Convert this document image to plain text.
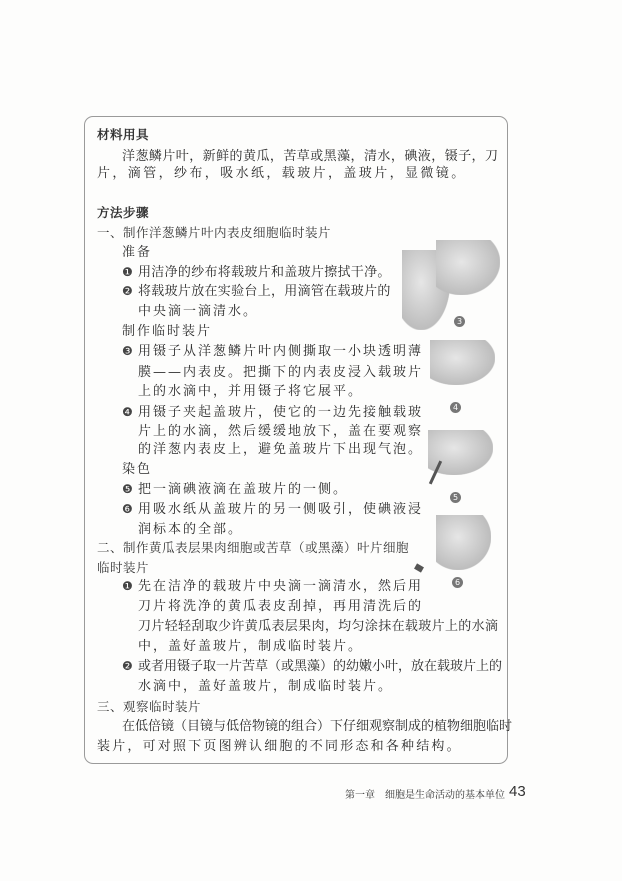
材料用具
洋葱鳞片叶，新鲜的黄瓜，苦草或黑藻，清水，碘液，镊子，刀
片，滴管，纱布，吸水纸，载玻片，盖玻片，显微镜。
方法步骤
一、制作洋葱鳞片叶内表皮细胞临时装片
准备
❶ 用洁净的纱布将载玻片和盖玻片擦拭干净。
❷ 将载玻片放在实验台上，用滴管在载玻片的
中央滴一滴清水。
制作临时装片
❸ 用镊子从洋葱鳞片叶内侧撕取一小块透明薄
膜——内表皮。把撕下的内表皮浸入载玻片
上的水滴中，并用镊子将它展平。
❹ 用镊子夹起盖玻片，使它的一边先接触载玻
片上的水滴，然后缓缓地放下，盖在要观察
的洋葱内表皮上，避免盖玻片下出现气泡。
染色
❺ 把一滴碘液滴在盖玻片的一侧。
❻ 用吸水纸从盖玻片的另一侧吸引，使碘液浸
润标本的全部。
二、制作黄瓜表层果肉细胞或苦草（或黑藻）叶片细胞
临时装片
❶ 先在洁净的载玻片中央滴一滴清水，然后用
刀片将洗净的黄瓜表皮刮掉，再用清洗后的
刀片轻轻刮取少许黄瓜表层果肉，均匀涂抹在载玻片上的水滴
中，盖好盖玻片，制成临时装片。
❷ 或者用镊子取一片苦草（或黑藻）的幼嫩小叶，放在载玻片上的
水滴中，盖好盖玻片，制成临时装片。
三、观察临时装片
在低倍镜（目镜与低倍物镜的组合）下仔细观察制成的植物细胞临时
装片，可对照下页图辨认细胞的不同形态和各种结构。
3
4
5
6
第一章　细胞是生命活动的基本单位 43
